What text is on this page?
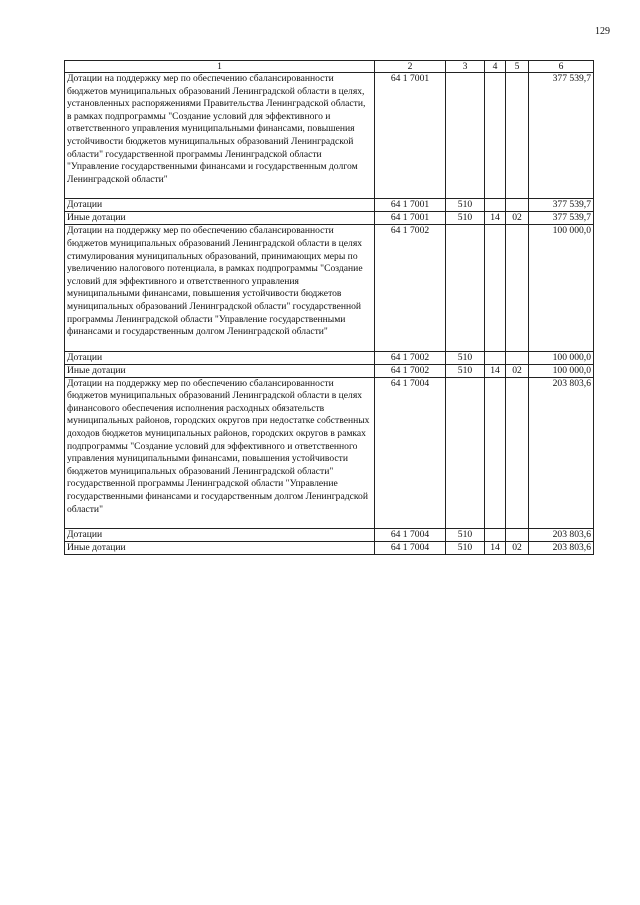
129
1	2	3	4	5	6

Дотации на поддержку мер по обеспечению сбалансированности бюджетов муниципальных образований Ленинградской области в целях, установленных распоряжениями Правительства Ленинградской области, в рамках подпрограммы "Создание условий для эффективного и ответственного управления муниципальными финансами, повышения устойчивости бюджетов муниципальных образований Ленинградской области" государственной программы Ленинградской области "Управление государственными финансами и государственным долгом Ленинградской области"	64 1 7001				377 539,7
Дотации	64 1 7001	510			377 539,7
Иные дотации	64 1 7001	510	14	02	377 539,7

Дотации на поддержку мер по обеспечению сбалансированности бюджетов муниципальных образований Ленинградской области в целях стимулирования муниципальных образований, принимающих меры по увеличению налогового потенциала, в рамках подпрограммы "Создание условий для эффективного и ответственного управления муниципальными финансами, повышения устойчивости бюджетов муниципальных образований Ленинградской области" государственной программы Ленинградской области "Управление государственными финансами и государственным долгом Ленинградской области"	64 1 7002				100 000,0
Дотации	64 1 7002	510			100 000,0
Иные дотации	64 1 7002	510	14	02	100 000,0

Дотации на поддержку мер по обеспечению сбалансированности бюджетов муниципальных образований Ленинградской области в целях финансового обеспечения исполнения расходных обязательств муниципальных районов, городских округов при недостатке собственных доходов бюджетов муниципальных районов, городских округов в рамках подпрограммы "Создание условий для эффективного и ответственного управления муниципальными финансами, повышения устойчивости бюджетов муниципальных образований Ленинградской области" государственной программы Ленинградской области "Управление государственными финансами и государственным долгом Ленинградской области"	64 1 7004				203 803,6
Дотации	64 1 7004	510			203 803,6
Иные дотации	64 1 7004	510	14	02	203 803,6
